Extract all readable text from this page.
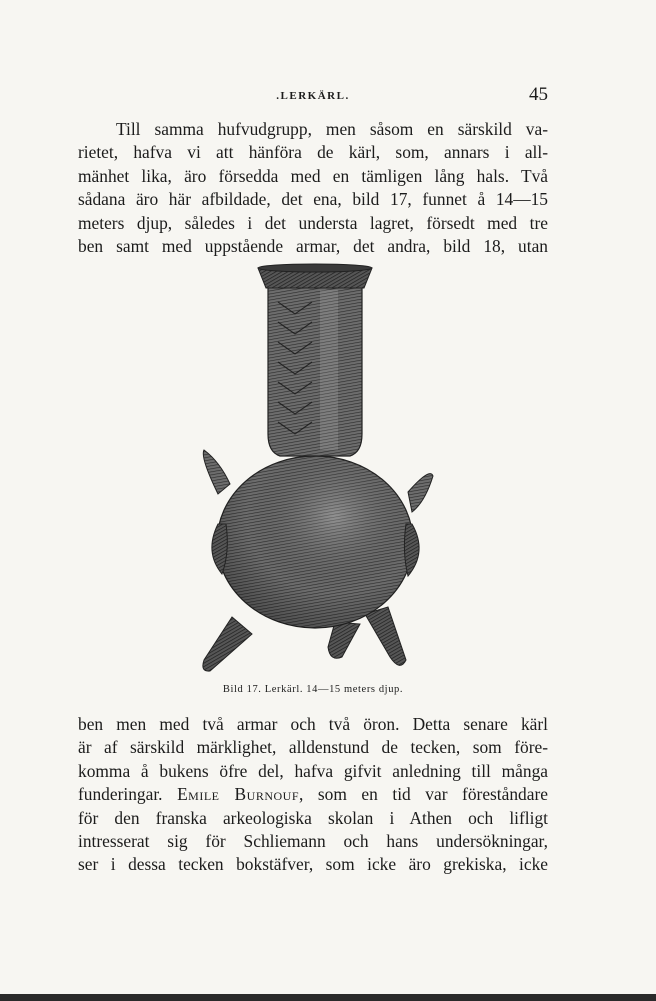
.LERKÄRL.	45

Till samma hufvudgrupp, men såsom en särskild va-
rietet, hafva vi att hänföra de kärl, som, annars i all-
mänhet lika, äro försedda med en tämligen lång hals. Två
sådana äro här afbildade, det ena, bild 17, funnet å 14—15
meters djup, således i det understa lagret, försedt med tre
ben samt med uppstående armar, det andra, bild 18, utan

Bild 17. Lerkärl. 14—15 meters djup.

ben men med två armar och två öron. Detta senare kärl
är af särskild märklighet, alldenstund de tecken, som före-
komma å bukens öfre del, hafva gifvit anledning till många
funderingar. Emile Burnouf, som en tid var föreståndare
för den franska arkeologiska skolan i Athen och lifligt
intresserat sig för Schliemann och hans undersökningar,
ser i dessa tecken bokstäfver, som icke äro grekiska, icke
